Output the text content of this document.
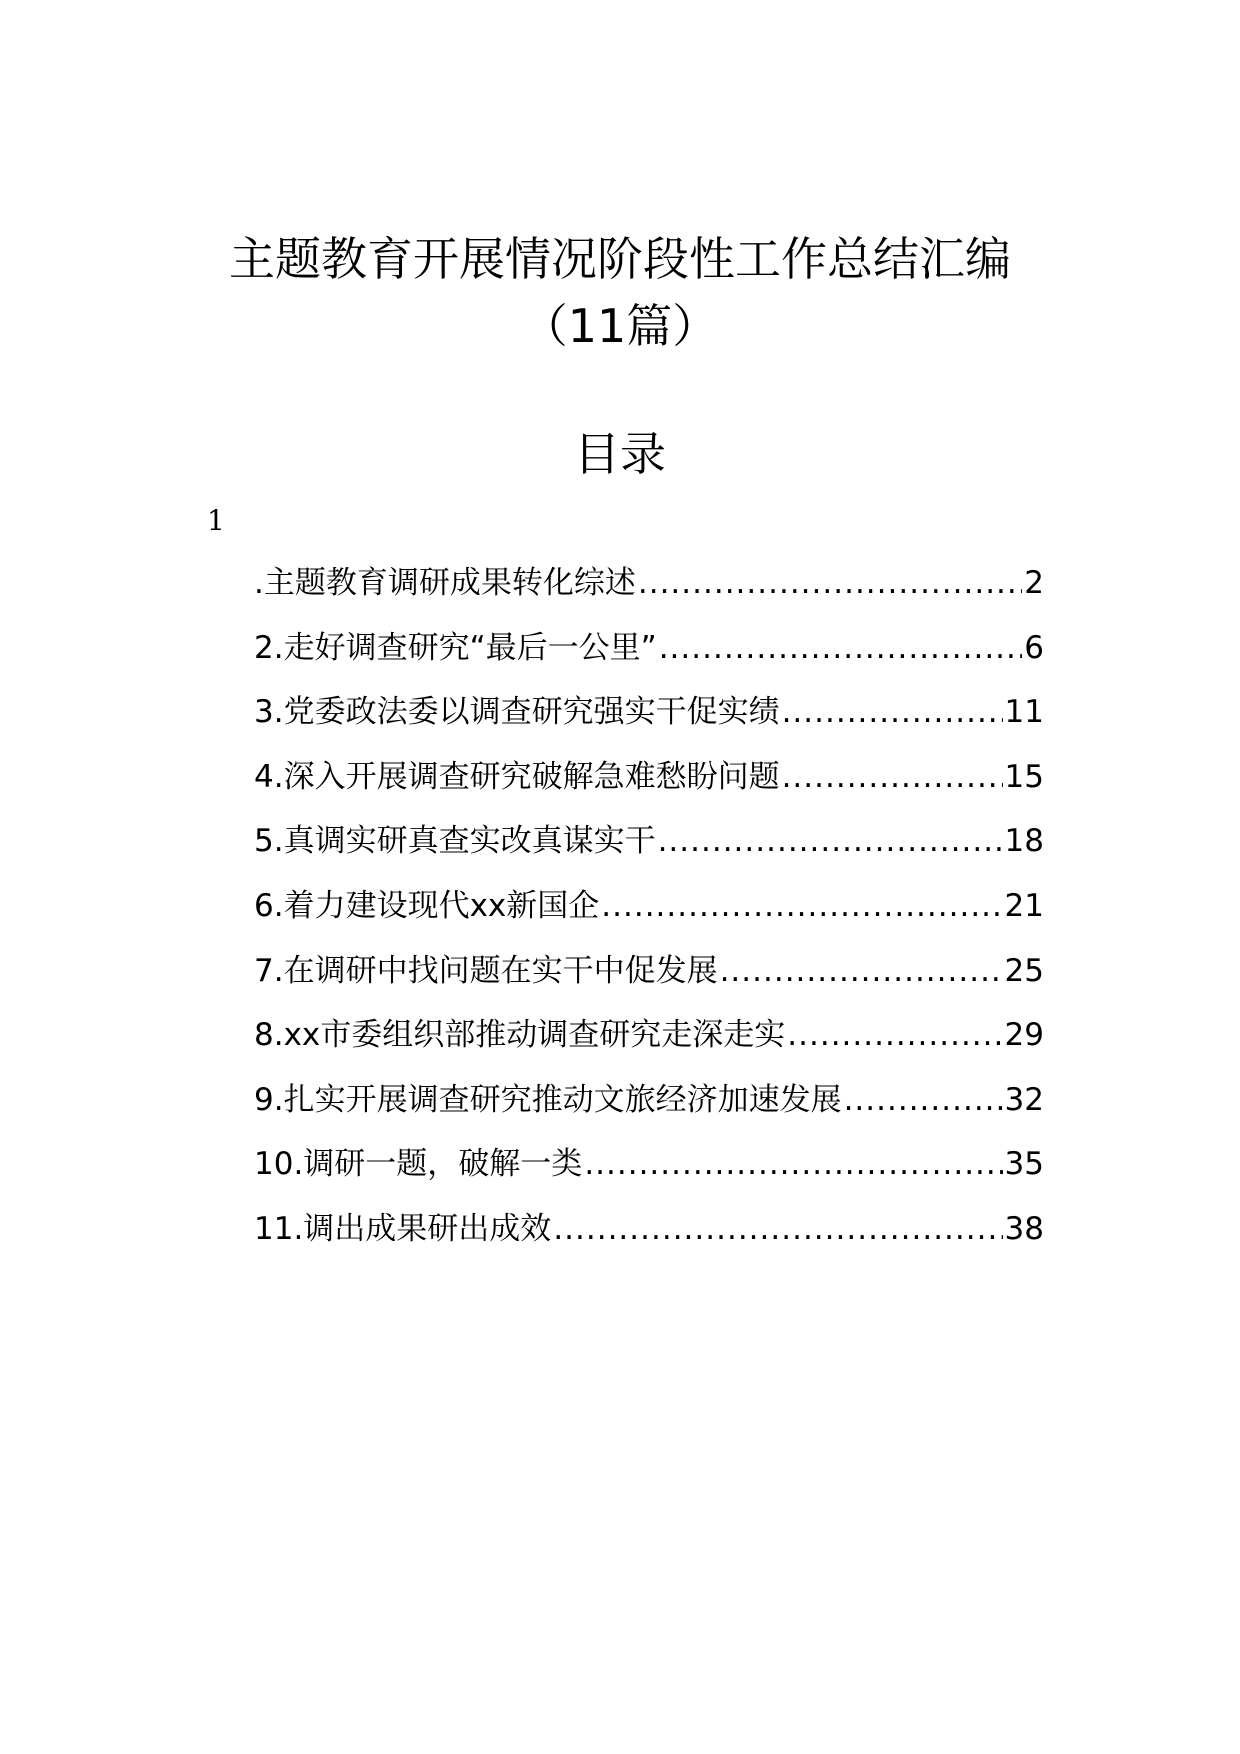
主题教育开展情况阶段性工作总结汇编
（11篇）
目录
1
.主题教育调研成果转化综述 .....	2
2.走好调查研究“最后一公里” .....	6
3.党委政法委以调查研究强实干促实绩 .....	11
4.深入开展调查研究破解急难愁盼问题 .....	15
5.真调实研真查实改真谋实干 .....	18
6.着力建设现代xx新国企 .....	21
7.在调研中找问题在实干中促发展 .....	25
8.xx市委组织部推动调查研究走深走实 .....	29
9.扎实开展调查研究推动文旅经济加速发展 .....	32
10.调研一题，破解一类 .....	35
11.调出成果研出成效 .....	38
